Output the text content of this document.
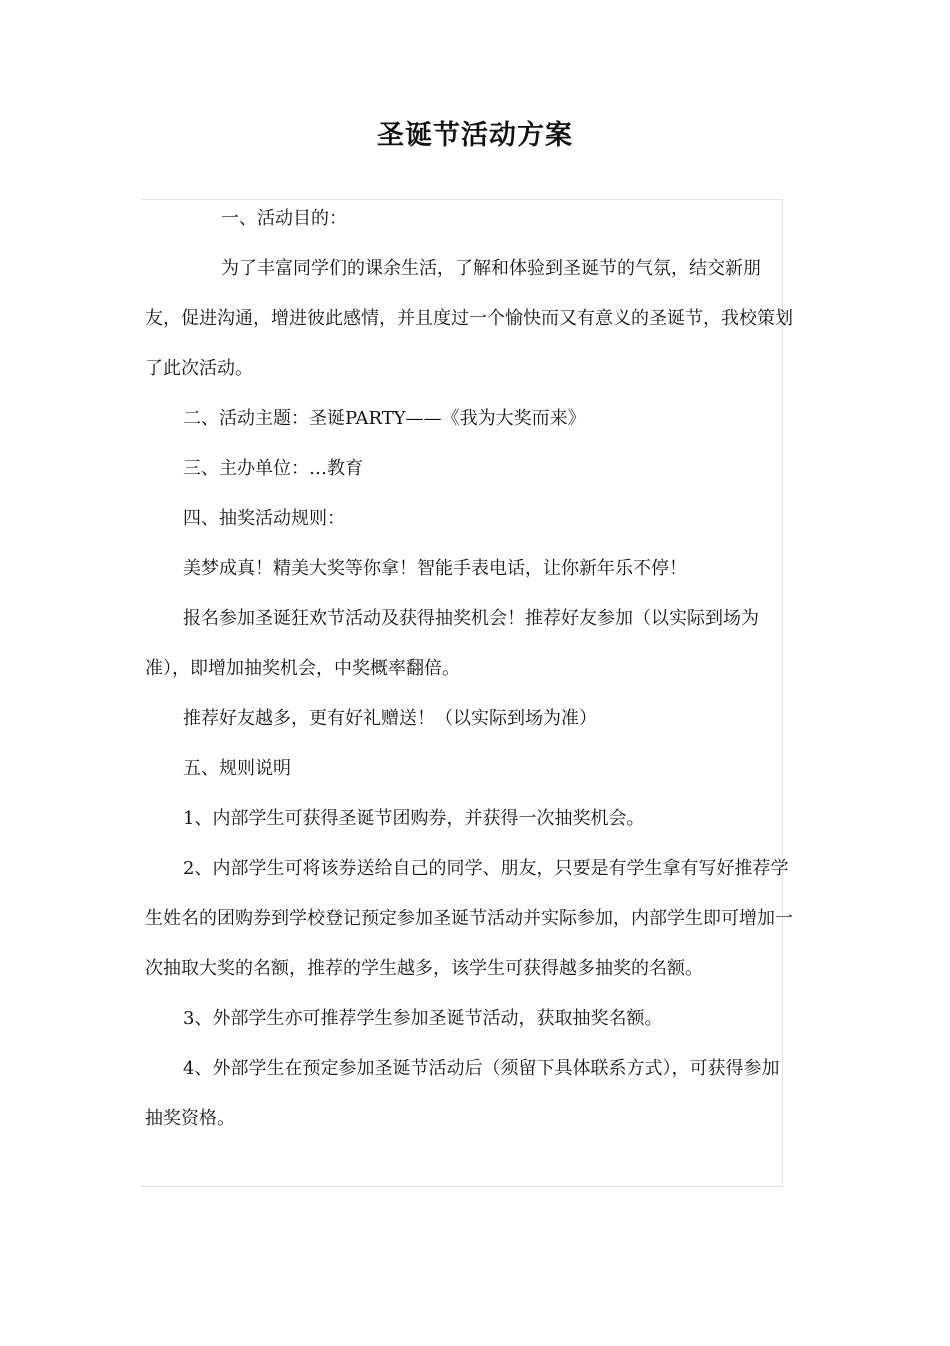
圣诞节活动方案

一、活动目的：

为了丰富同学们的课余生活，了解和体验到圣诞节的气氛，结交新朋友，促进沟通，增进彼此感情，并且度过一个愉快而又有意义的圣诞节，我校策划了此次活动。

二、活动主题：圣诞PARTY——《我为大奖而来》

三、主办单位：…教育

四、抽奖活动规则：

美梦成真！精美大奖等你拿！智能手表电话，让你新年乐不停！

报名参加圣诞狂欢节活动及获得抽奖机会！推荐好友参加（以实际到场为准），即增加抽奖机会，中奖概率翻倍。

推荐好友越多，更有好礼赠送！（以实际到场为准）

五、规则说明

1、内部学生可获得圣诞节团购券，并获得一次抽奖机会。

2、内部学生可将该券送给自己的同学、朋友，只要是有学生拿有写好推荐学生姓名的团购券到学校登记预定参加圣诞节活动并实际参加，内部学生即可增加一次抽取大奖的名额，推荐的学生越多，该学生可获得越多抽奖的名额。

3、外部学生亦可推荐学生参加圣诞节活动，获取抽奖名额。

4、外部学生在预定参加圣诞节活动后（须留下具体联系方式），可获得参加抽奖资格。
